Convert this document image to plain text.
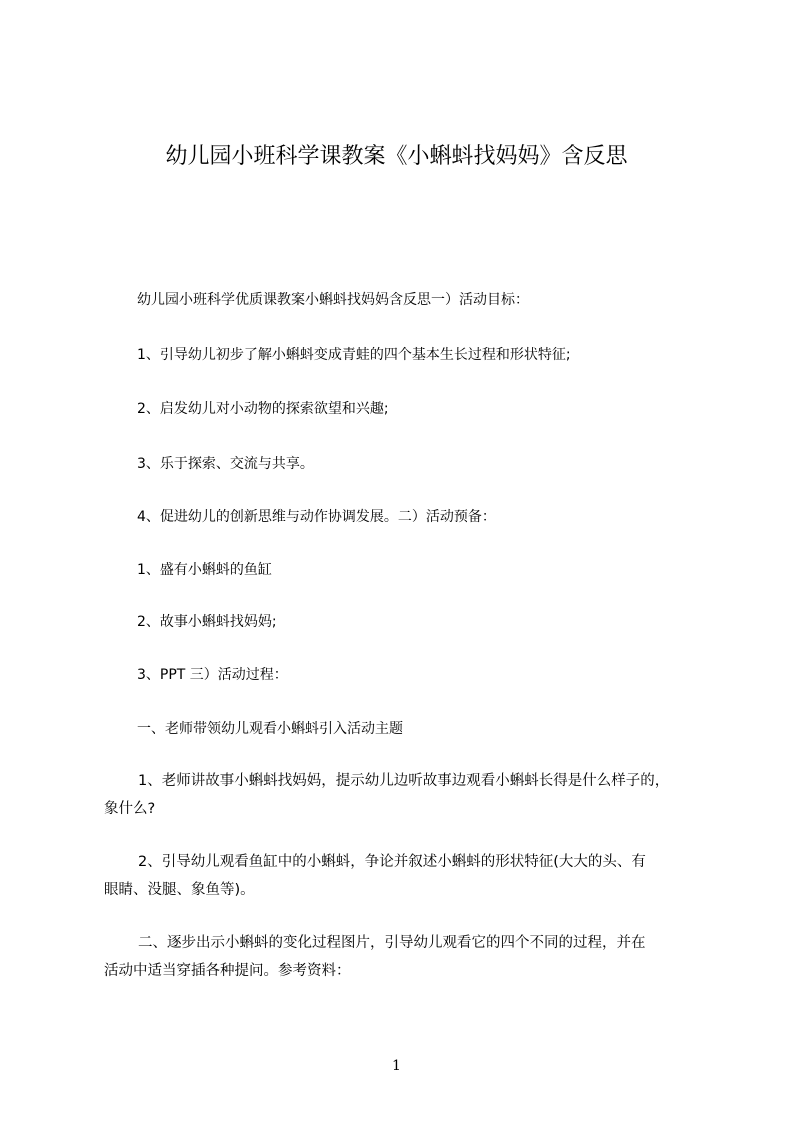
幼儿园小班科学课教案《小蝌蚪找妈妈》含反思

幼儿园小班科学优质课教案小蝌蚪找妈妈含反思一）活动目标：

1、引导幼儿初步了解小蝌蚪变成青蛙的四个基本生长过程和形状特征;

2、启发幼儿对小动物的探索欲望和兴趣;

3、乐于探索、交流与共享。

4、促进幼儿的创新思维与动作协调发展。二）活动预备：

1、盛有小蝌蚪的鱼缸

2、故事小蝌蚪找妈妈;

3、PPT 三）活动过程：

一、老师带领幼儿观看小蝌蚪引入活动主题

1、老师讲故事小蝌蚪找妈妈，提示幼儿边听故事边观看小蝌蚪长得是什么样子的，
象什么?
2、引导幼儿观看鱼缸中的小蝌蚪，争论并叙述小蝌蚪的形状特征(大大的头、有
眼睛、没腿、象鱼等)。
二、逐步出示小蝌蚪的变化过程图片，引导幼儿观看它的四个不同的过程，并在
活动中适当穿插各种提问。参考资料：
1
